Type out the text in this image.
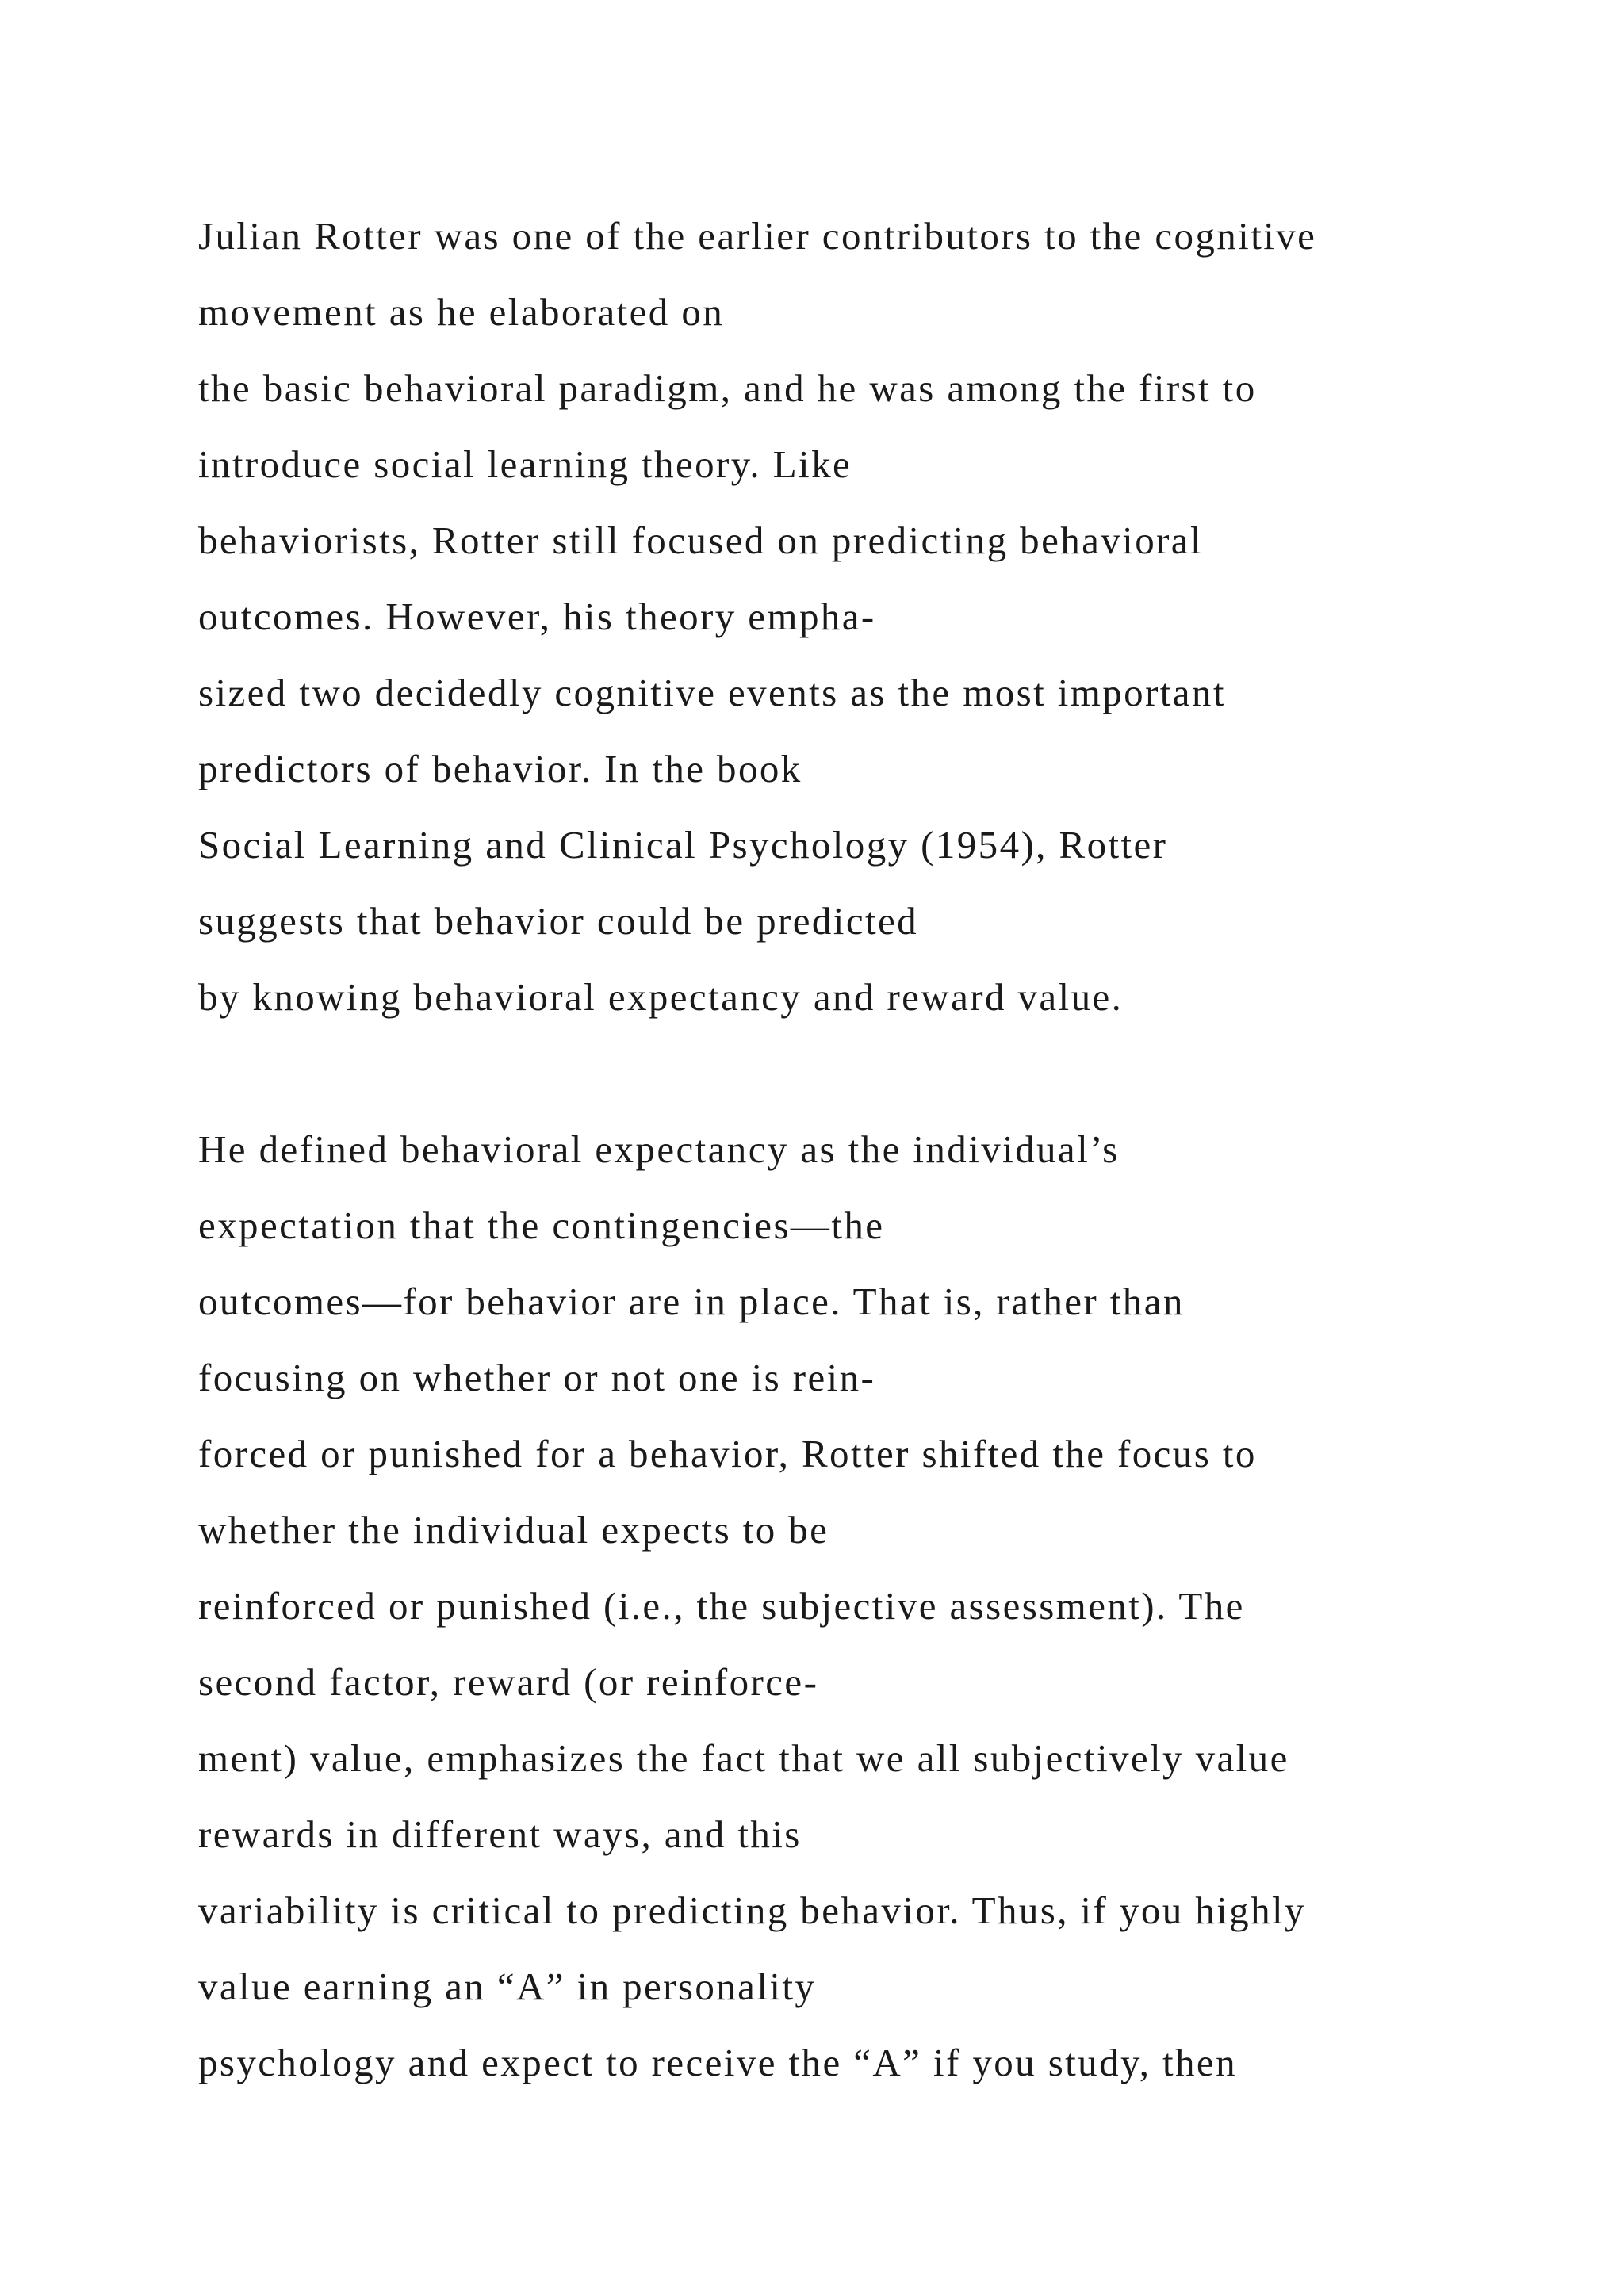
Julian Rotter was one of the earlier contributors to the cognitive
movement as he elaborated on
the basic behavioral paradigm, and he was among the first to
introduce social learning theory. Like
behaviorists, Rotter still focused on predicting behavioral
outcomes. However, his theory empha-
sized two decidedly cognitive events as the most important
predictors of behavior. In the book
Social Learning and Clinical Psychology (1954), Rotter
suggests that behavior could be predicted
by knowing behavioral expectancy and reward value.
He defined behavioral expectancy as the individual’s
expectation that the contingencies—the
outcomes—for behavior are in place. That is, rather than
focusing on whether or not one is rein-
forced or punished for a behavior, Rotter shifted the focus to
whether the individual expects to be
reinforced or punished (i.e., the subjective assessment). The
second factor, reward (or reinforce-
ment) value, emphasizes the fact that we all subjectively value
rewards in different ways, and this
variability is critical to predicting behavior. Thus, if you highly
value earning an “A” in personality
psychology and expect to receive the “A” if you study, then
